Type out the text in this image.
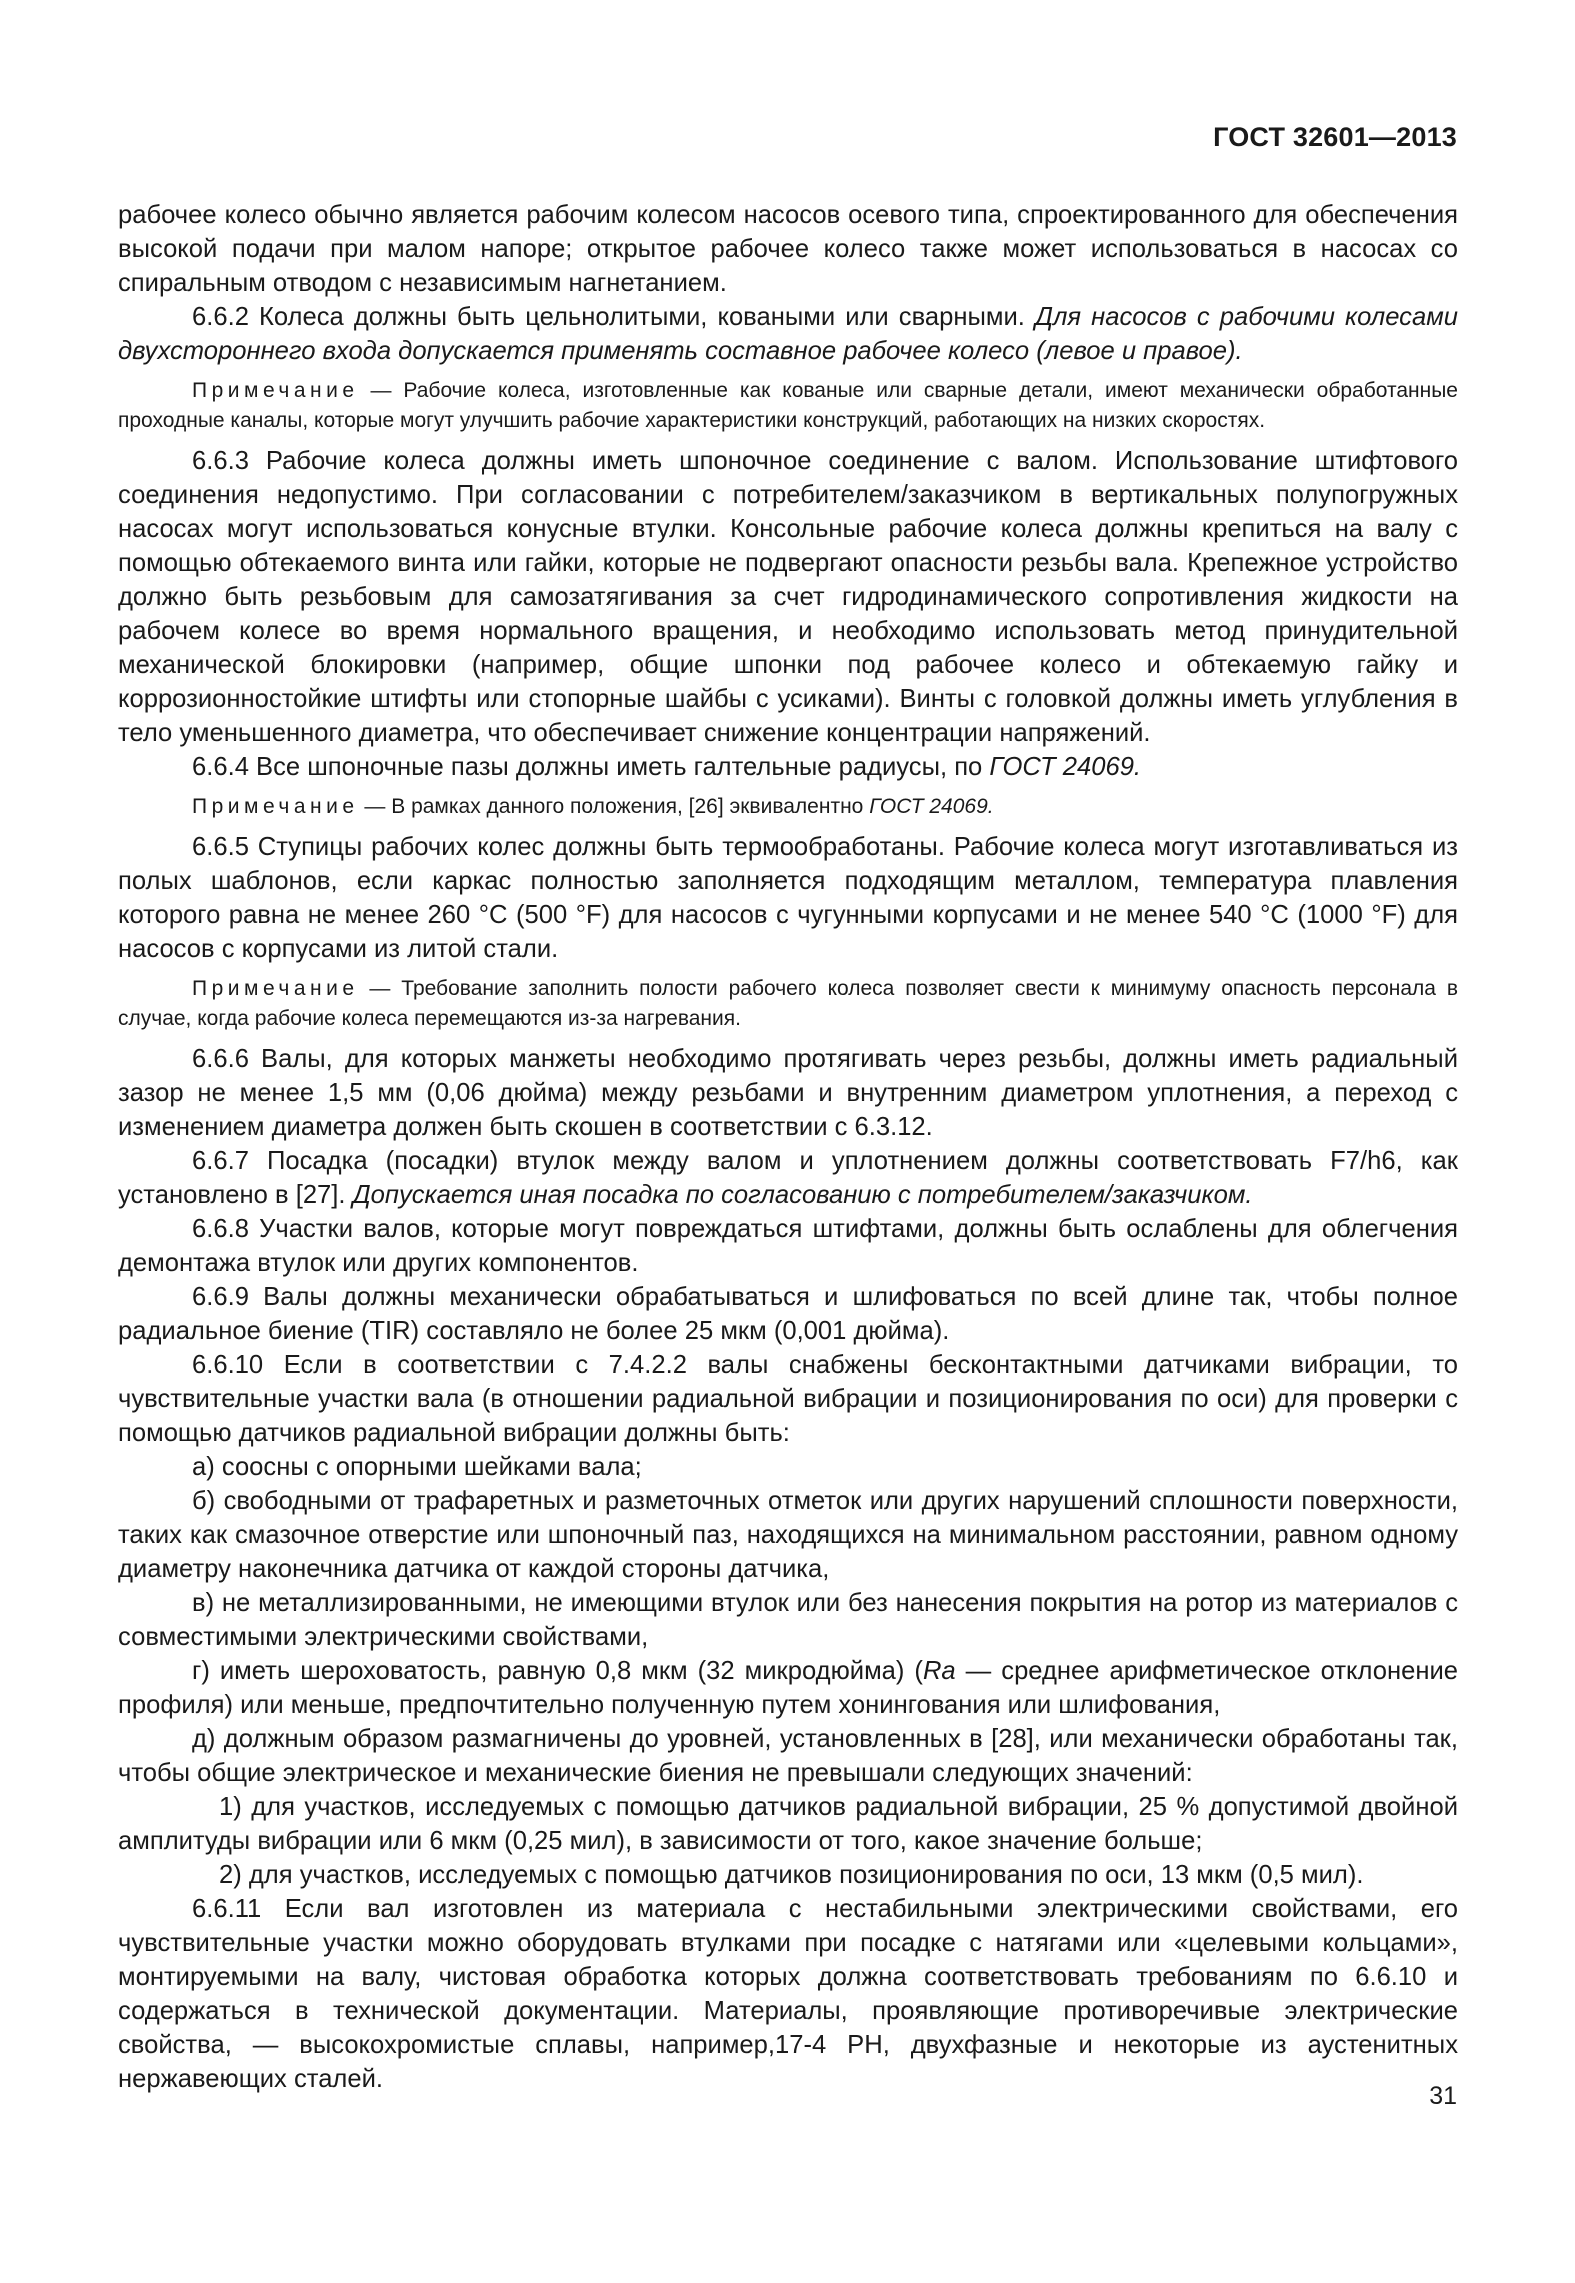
ГОСТ 32601—2013

рабочее колесо обычно является рабочим колесом насосов осевого типа, спроектированного для обеспечения высокой подачи при малом напоре; открытое рабочее колесо также может использоваться в насосах со спиральным отводом с независимым нагнетанием.

6.6.2 Колеса должны быть цельнолитыми, коваными или сварными. Для насосов с рабочими колесами двухстороннего входа допускается применять составное рабочее колесо (левое и правое).

Примечание — Рабочие колеса, изготовленные как кованые или сварные детали, имеют механически обработанные проходные каналы, которые могут улучшить рабочие характеристики конструкций, работающих на низких скоростях.

6.6.3 Рабочие колеса должны иметь шпоночное соединение с валом. Использование штифтового соединения недопустимо. При согласовании с потребителем/заказчиком в вертикальных полупогружных насосах могут использоваться конусные втулки. Консольные рабочие колеса должны крепиться на валу с помощью обтекаемого винта или гайки, которые не подвергают опасности резьбы вала. Крепежное устройство должно быть резьбовым для самозатягивания за счет гидродинамического сопротивления жидкости на рабочем колесе во время нормального вращения, и необходимо использовать метод принудительной механической блокировки (например, общие шпонки под рабочее колесо и обтекаемую гайку и коррозионностойкие штифты или стопорные шайбы с усиками). Винты с головкой должны иметь углубления в тело уменьшенного диаметра, что обеспечивает снижение концентрации напряжений.

6.6.4 Все шпоночные пазы должны иметь галтельные радиусы, по ГОСТ 24069.

Примечание — В рамках данного положения, [26] эквивалентно ГОСТ 24069.

6.6.5 Ступицы рабочих колес должны быть термообработаны. Рабочие колеса могут изготавливаться из полых шаблонов, если каркас полностью заполняется подходящим металлом, температура плавления которого равна не менее 260 °С (500 °F) для насосов с чугунными корпусами и не менее 540 °С (1000 °F) для насосов с корпусами из литой стали.

Примечание — Требование заполнить полости рабочего колеса позволяет свести к минимуму опасность персонала в случае, когда рабочие колеса перемещаются из-за нагревания.

6.6.6 Валы, для которых манжеты необходимо протягивать через резьбы, должны иметь радиальный зазор не менее 1,5 мм (0,06 дюйма) между резьбами и внутренним диаметром уплотнения, а переход с изменением диаметра должен быть скошен в соответствии с 6.3.12.

6.6.7 Посадка (посадки) втулок между валом и уплотнением должны соответствовать F7/h6, как установлено в [27]. Допускается иная посадка по согласованию с потребителем/заказчиком.

6.6.8 Участки валов, которые могут повреждаться штифтами, должны быть ослаблены для облегчения демонтажа втулок или других компонентов.

6.6.9 Валы должны механически обрабатываться и шлифоваться по всей длине так, чтобы полное радиальное биение (TIR) составляло не более 25 мкм (0,001 дюйма).

6.6.10 Если в соответствии с 7.4.2.2 валы снабжены бесконтактными датчиками вибрации, то чувствительные участки вала (в отношении радиальной вибрации и позиционирования по оси) для проверки с помощью датчиков радиальной вибрации должны быть:

а) соосны с опорными шейками вала;

б) свободными от трафаретных и разметочных отметок или других нарушений сплошности поверхности, таких как смазочное отверстие или шпоночный паз, находящихся на минимальном расстоянии, равном одному диаметру наконечника датчика от каждой стороны датчика,

в) не металлизированными, не имеющими втулок или без нанесения покрытия на ротор из материалов с совместимыми электрическими свойствами,

г) иметь шероховатость, равную 0,8 мкм (32 микродюйма) (Ra — среднее арифметическое отклонение профиля) или меньше, предпочтительно полученную путем хонингования или шлифования,

д) должным образом размагничены до уровней, установленных в [28], или механически обработаны так, чтобы общие электрическое и механические биения не превышали следующих значений:

1) для участков, исследуемых с помощью датчиков радиальной вибрации, 25 % допустимой двойной амплитуды вибрации или 6 мкм (0,25 мил), в зависимости от того, какое значение больше;

2) для участков, исследуемых с помощью датчиков позиционирования по оси, 13 мкм (0,5 мил).

6.6.11 Если вал изготовлен из материала с нестабильными электрическими свойствами, его чувствительные участки можно оборудовать втулками при посадке с натягами или «целевыми кольцами», монтируемыми на валу, чистовая обработка которых должна соответствовать требованиям по 6.6.10 и содержаться в технической документации. Материалы, проявляющие противоречивые электрические свойства, — высокохромистые сплавы, например,17-4 РН, двухфазные и некоторые из аустенитных нержавеющих сталей.

31
